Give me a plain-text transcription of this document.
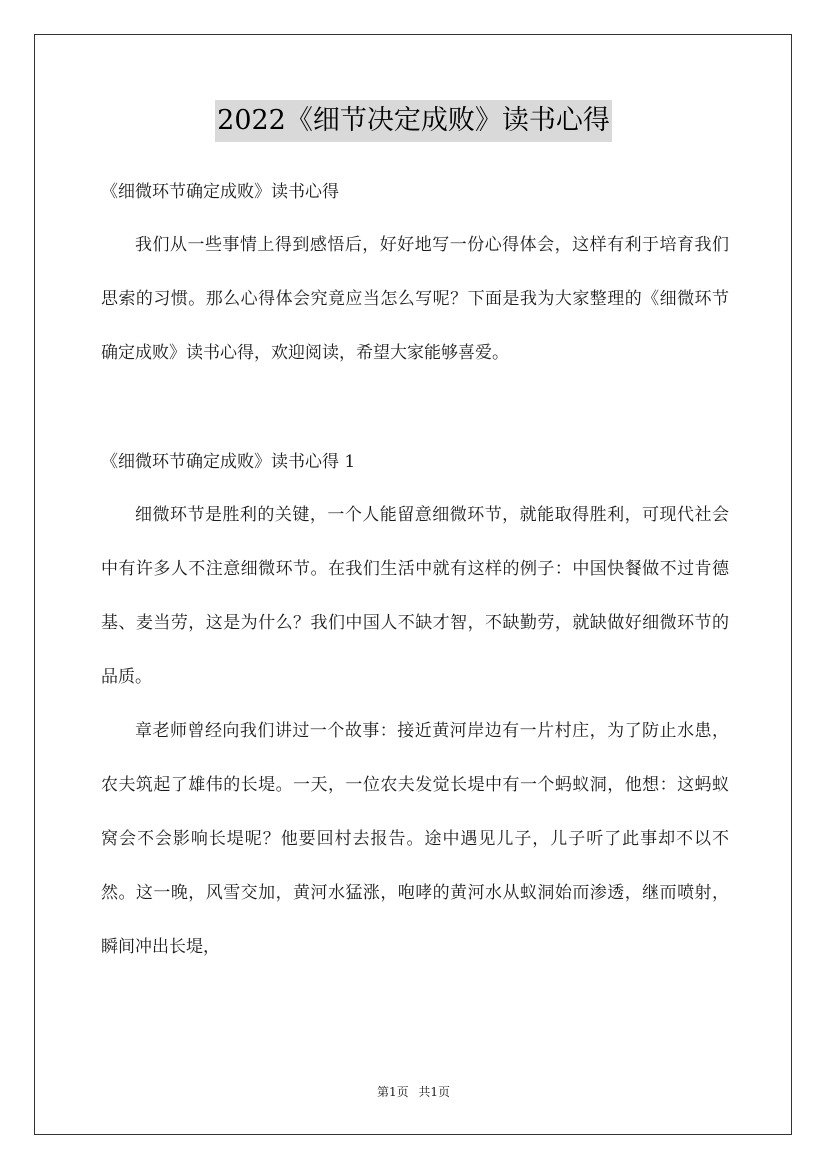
2022《细节决定成败》读书心得

《细微环节确定成败》读书心得

我们从一些事情上得到感悟后，好好地写一份心得体会，这样有利于培育我们思索的习惯。那么心得体会究竟应当怎么写呢？下面是我为大家整理的《细微环节确定成败》读书心得，欢迎阅读，希望大家能够喜爱。

《细微环节确定成败》读书心得 1

细微环节是胜利的关键，一个人能留意细微环节，就能取得胜利，可现代社会中有许多人不注意细微环节。在我们生活中就有这样的例子：中国快餐做不过肯德基、麦当劳，这是为什么？我们中国人不缺才智，不缺勤劳，就缺做好细微环节的品质。

章老师曾经向我们讲过一个故事：接近黄河岸边有一片村庄，为了防止水患，农夫筑起了雄伟的长堤。一天，一位农夫发觉长堤中有一个蚂蚁洞，他想：这蚂蚁窝会不会影响长堤呢？他要回村去报告。途中遇见儿子，儿子听了此事却不以不然。这一晚，风雪交加，黄河水猛涨，咆哮的黄河水从蚁洞始而渗透，继而喷射，瞬间冲出长堤，

第1页 共1页
